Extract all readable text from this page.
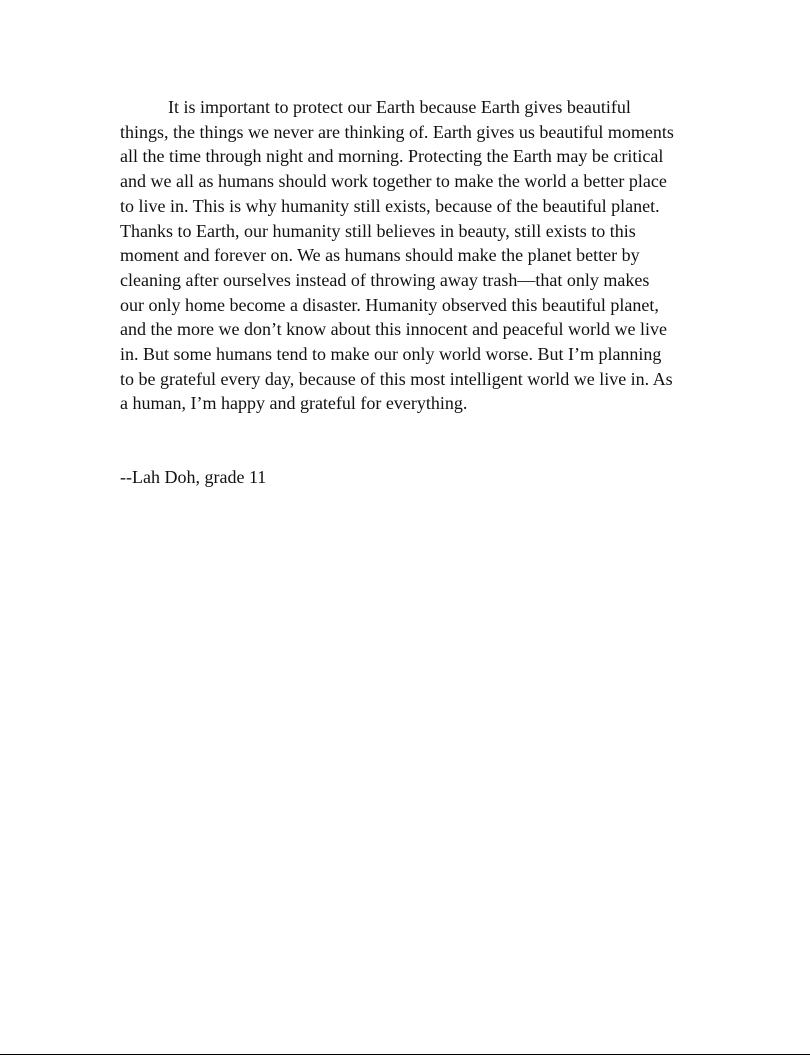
It is important to protect our Earth because Earth gives beautiful
things, the things we never are thinking of. Earth gives us beautiful moments
all the time through night and morning. Protecting the Earth may be critical
and we all as humans should work together to make the world a better place
to live in. This is why humanity still exists, because of the beautiful planet.
Thanks to Earth, our humanity still believes in beauty, still exists to this
moment and forever on. We as humans should make the planet better by
cleaning after ourselves instead of throwing away trash—that only makes
our only home become a disaster. Humanity observed this beautiful planet,
and the more we don’t know about this innocent and peaceful world we live
in. But some humans tend to make our only world worse. But I’m planning
to be grateful every day, because of this most intelligent world we live in. As
a human, I’m happy and grateful for everything.
--Lah Doh, grade 11
